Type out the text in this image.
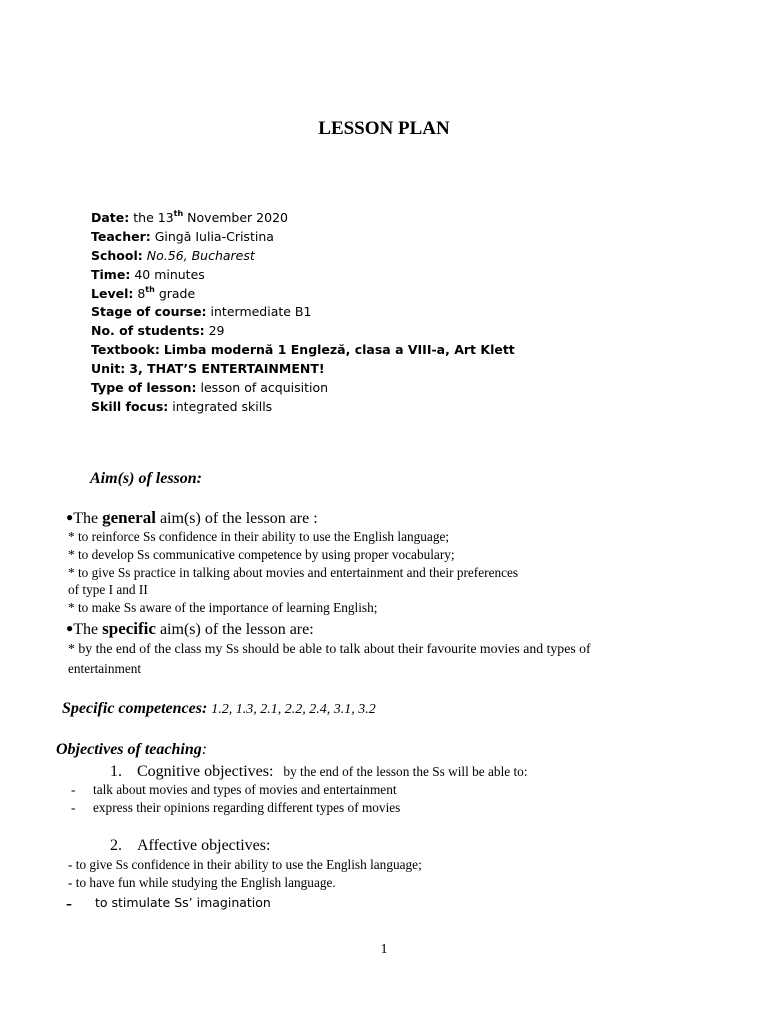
LESSON PLAN
Date: the 13th November 2020
Teacher: Gingă Iulia-Cristina
School: No.56, Bucharest
Time: 40 minutes
Level: 8th grade
Stage of course: intermediate B1
No. of students: 29
Textbook: Limba modernă 1 Engleză, clasa a VIII-a, Art Klett
Unit: 3, THAT’S ENTERTAINMENT!
Type of lesson: lesson of acquisition
Skill focus: integrated skills
Aim(s) of lesson:
●The general aim(s) of the lesson are :
* to reinforce Ss confidence in their ability to use the English language;
* to develop Ss communicative competence by using proper vocabulary;
* to give Ss practice in talking about movies and entertainment and their preferences
of type I and II
* to make Ss aware of the importance of learning English;
●The specific aim(s) of the lesson are:
* by the end of the class my Ss should be able to talk about their favourite movies and types of
entertainment
Specific competences: 1.2, 1.3, 2.1, 2.2, 2.4, 3.1, 3.2
Objectives of teaching:
1. Cognitive objectives: by the end of the lesson the Ss will be able to:
- talk about movies and types of movies and entertainment
- express their opinions regarding different types of movies
2. Affective objectives:
- to give Ss confidence in their ability to use the English language;
- to have fun while studying the English language.
- to stimulate Ss’ imagination
1
